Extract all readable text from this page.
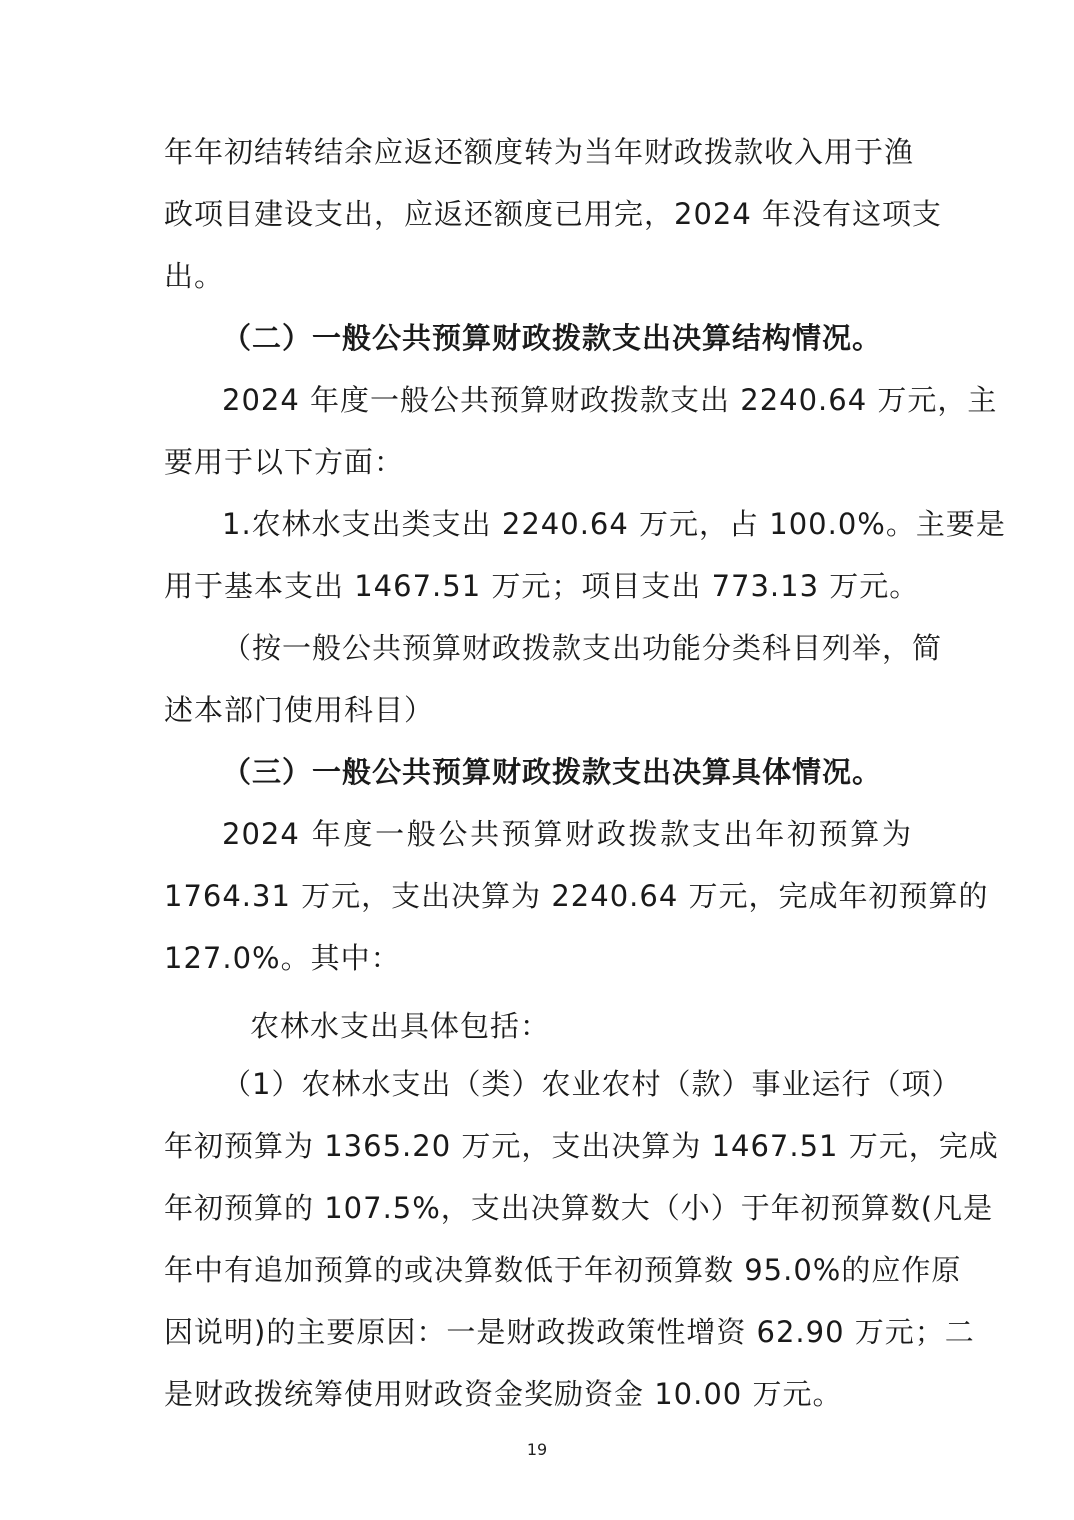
年年初结转结余应返还额度转为当年财政拨款收入用于渔
政项目建设支出，应返还额度已用完，2024 年没有这项支
出。
（二）一般公共预算财政拨款支出决算结构情况。
2024 年度一般公共预算财政拨款支出 2240.64 万元，主
要用于以下方面：
1.农林水支出类支出 2240.64 万元，占 100.0%。主要是
用于基本支出 1467.51 万元；项目支出 773.13 万元。
（按一般公共预算财政拨款支出功能分类科目列举，简
述本部门使用科目）
（三）一般公共预算财政拨款支出决算具体情况。
2024 年度一般公共预算财政拨款支出年初预算为
1764.31 万元，支出决算为 2240.64 万元，完成年初预算的
127.0%。其中：
农林水支出具体包括：
（1）农林水支出（类）农业农村（款）事业运行（项）
年初预算为 1365.20 万元，支出决算为 1467.51 万元，完成
年初预算的 107.5%，支出决算数大（小）于年初预算数(凡是
年中有追加预算的或决算数低于年初预算数 95.0%的应作原
因说明)的主要原因：一是财政拨政策性增资 62.90 万元；二
是财政拨统筹使用财政资金奖励资金 10.00 万元。
19
